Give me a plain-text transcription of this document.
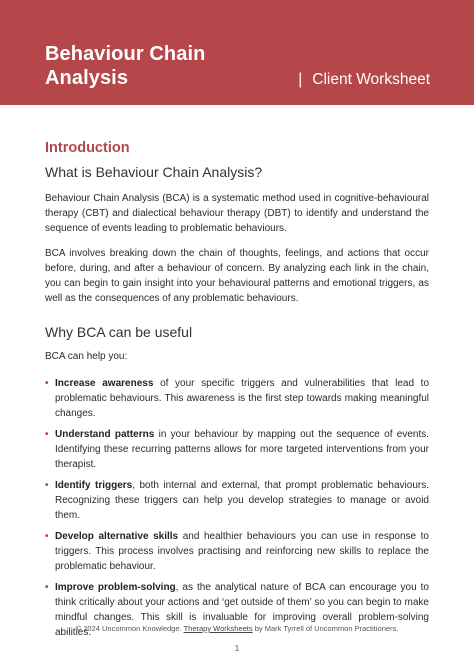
Behaviour Chain Analysis	| Client Worksheet
Introduction
What is Behaviour Chain Analysis?

Behaviour Chain Analysis (BCA) is a systematic method used in cognitive-behavioural therapy (CBT) and dialectical behaviour therapy (DBT) to identify and understand the sequence of events leading to problematic behaviours.

BCA involves breaking down the chain of thoughts, feelings, and actions that occur before, during, and after a behaviour of concern. By analyzing each link in the chain, you can begin to gain insight into your behavioural patterns and emotional triggers, as well as the consequences of any problematic behaviours.

Why BCA can be useful

BCA can help you:

• Increase awareness of your specific triggers and vulnerabilities that lead to problematic behaviours. This awareness is the first step towards making meaningful changes.
• Understand patterns in your behaviour by mapping out the sequence of events. Identifying these recurring patterns allows for more targeted interventions from your therapist.
• Identify triggers, both internal and external, that prompt problematic behaviours. Recognizing these triggers can help you develop strategies to manage or avoid them.
• Develop alternative skills and healthier behaviours you can use in response to triggers. This process involves practising and reinforcing new skills to replace the problematic behaviour.
• Improve problem-solving, as the analytical nature of BCA can encourage you to think critically about your actions and ‘get outside of them’ so you can begin to make mindful changes. This skill is invaluable for improving overall problem-solving abilities.
© 2024 Uncommon Knowledge. Therapy Worksheets by Mark Tyrrell of Uncommon Practitioners.
1
